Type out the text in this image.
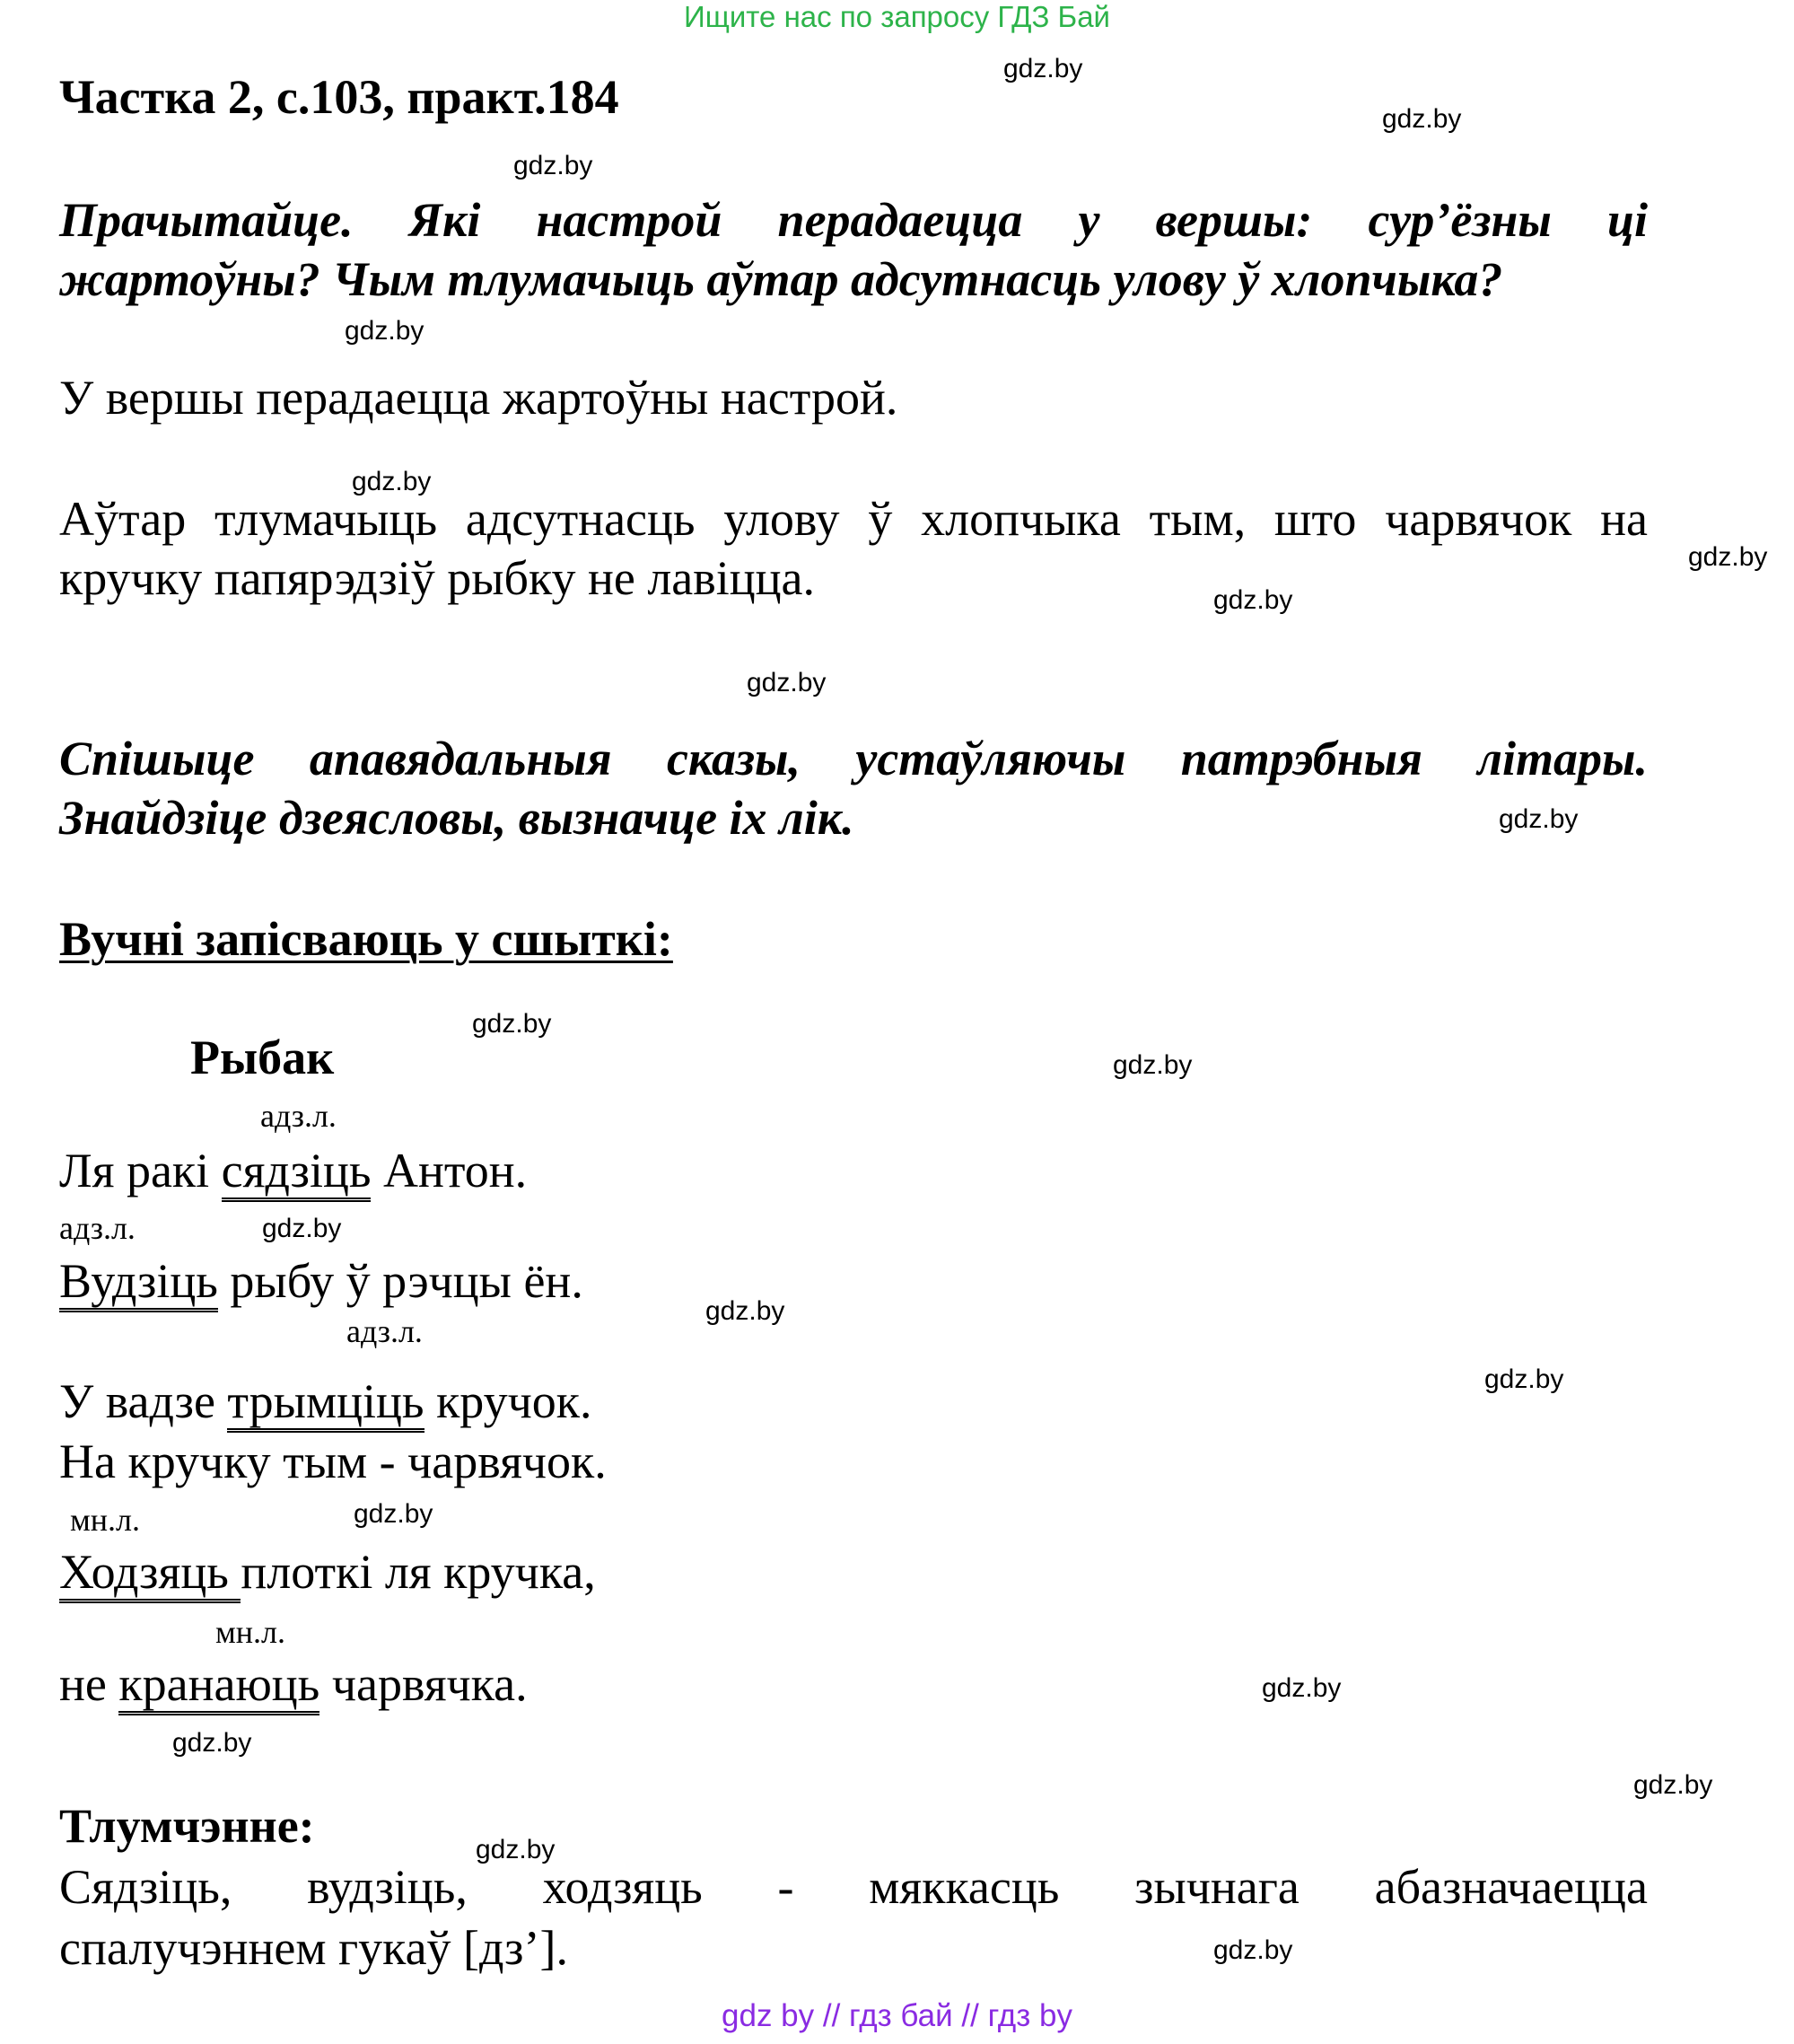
Ищите нас по запросу ГДЗ Бай
Частка 2, с.103, практ.184

Прачытайце. Які настрой перадаецца у вершы: сур’ёзны ці

жартоўны? Чым тлумачыць аўтар адсутнасць улову ў хлопчыка?

У вершы перадаецца жартоўны настрой.

Аўтар тлумачыць адсутнасць улову ў хлопчыка тым, што чарвячок на

кручку папярэдзіў рыбку не лавіцца.

Спішыце апавядальныя сказы, устаўляючы патрэбныя літары.

Знайдзіце дзеясловы, вызначце іх лік.

Вучні запісваюць у сшыткі:
Рыбак
адз.л.
Ля ракі сядзіць Антон.
адз.л.
Вудзіць рыбу ў рэчцы ён.
адз.л.
У вадзе трымціць кручок.
На кручку тым - чарвячок.
мн.л.
Ходзяць плоткі ля кручка,
мн.л.
не кранаюць чарвячка.
Тлумчэнне:

Сядзіць, вудзіць, ходзяць - мяккасць зычнага абазначаецца

спалучэннем гукаў [дз’].

gdz.by
gdz.by
gdz.by
gdz.by
gdz.by
gdz.by
gdz.by
gdz.by
gdz.by
gdz.by
gdz.by
gdz.by
gdz.by
gdz.by
gdz.by
gdz.by
gdz.by
gdz.by
gdz.by
gdz.by
gdz by // гдз бай // гдз by
